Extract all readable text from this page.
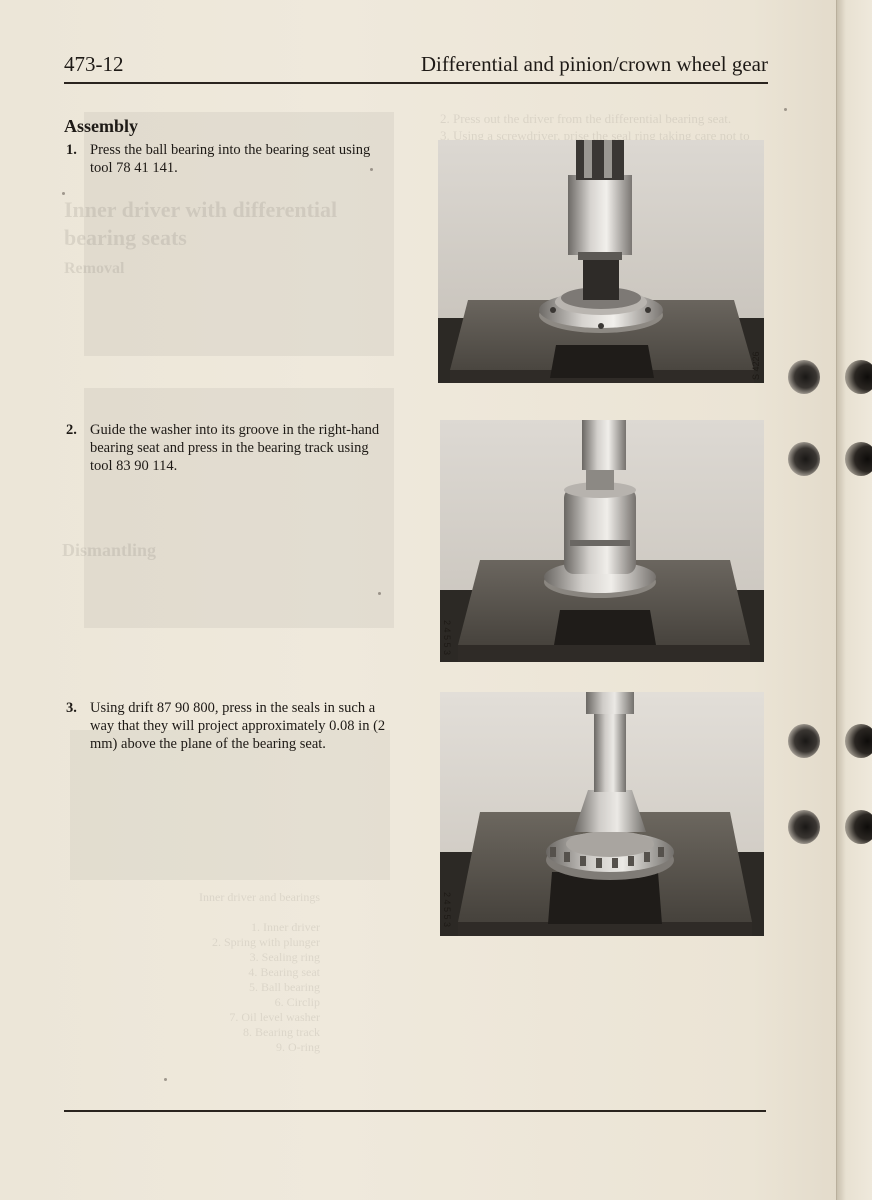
Inner driver with differential
bearing seats
Removal
Dismantling
2. Press out the driver from the differential bearing seat.
3. Using a screwdriver, prise the seal ring taking care not to

Inner driver and bearings

1. Inner driver
2. Spring with plunger
3. Sealing ring
4. Bearing seat
5. Ball bearing
6. Circlip
7. Oil level washer
8. Bearing track
9. O-ring
473-12	Differential and pinion/crown wheel gear
Assembly
1. Press the ball bearing into the bearing seat using tool 78 41 141.
2. Guide the washer into its groove in the right-hand bearing seat and press in the bearing track using tool 83 90 114.
3. Using drift 87 90 800, press in the seals in such a way that they will project approximately 0.08 in (2 mm) above the plane of the bearing seat.
S 4226
2 4 5 5 3
2 4 5 5 3
